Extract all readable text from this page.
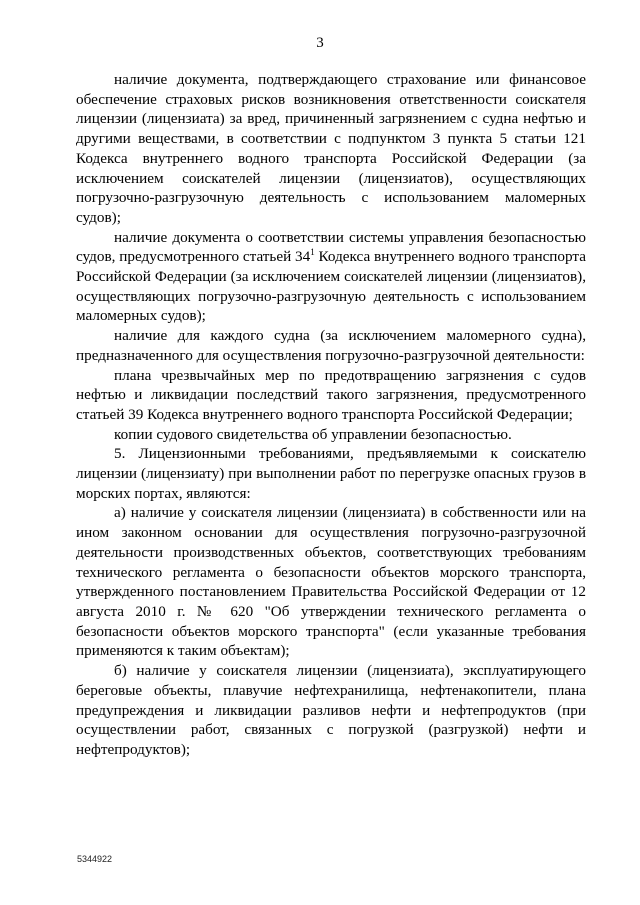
3

наличие документа, подтверждающего страхование или финансовое обеспечение страховых рисков возникновения ответственности соискателя лицензии (лицензиата) за вред, причиненный загрязнением с судна нефтью и другими веществами, в соответствии с подпунктом 3 пункта 5 статьи 121 Кодекса внутреннего водного транспорта Российской Федерации (за исключением соискателей лицензии (лицензиатов), осуществляющих погрузочно-разгрузочную деятельность с использованием маломерных судов);

наличие документа о соответствии системы управления безопасностью судов, предусмотренного статьей $34^1$ Кодекса внутреннего водного транспорта Российской Федерации (за исключением соискателей лицензии (лицензиатов), осуществляющих погрузочно-разгрузочную деятельность с использованием маломерных судов);

наличие для каждого судна (за исключением маломерного судна), предназначенного для осуществления погрузочно-разгрузочной деятельности:

плана чрезвычайных мер по предотвращению загрязнения с судов нефтью и ликвидации последствий такого загрязнения, предусмотренного статьей 39 Кодекса внутреннего водного транспорта Российской Федерации;

копии судового свидетельства об управлении безопасностью.

5. Лицензионными требованиями, предъявляемыми к соискателю лицензии (лицензиату) при выполнении работ по перегрузке опасных грузов в морских портах, являются:

а) наличие у соискателя лицензии (лицензиата) в собственности или на ином законном основании для осуществления погрузочно-разгрузочной деятельности производственных объектов, соответствующих требованиям технического регламента о безопасности объектов морского транспорта, утвержденного постановлением Правительства Российской Федерации от 12 августа 2010 г. № 620 "Об утверждении технического регламента о безопасности объектов морского транспорта" (если указанные требования применяются к таким объектам);

б) наличие у соискателя лицензии (лицензиата), эксплуатирующего береговые объекты, плавучие нефтехранилища, нефтенакопители, плана предупреждения и ликвидации разливов нефти и нефтепродуктов (при осуществлении работ, связанных с погрузкой (разгрузкой) нефти и нефтепродуктов);

5344922
